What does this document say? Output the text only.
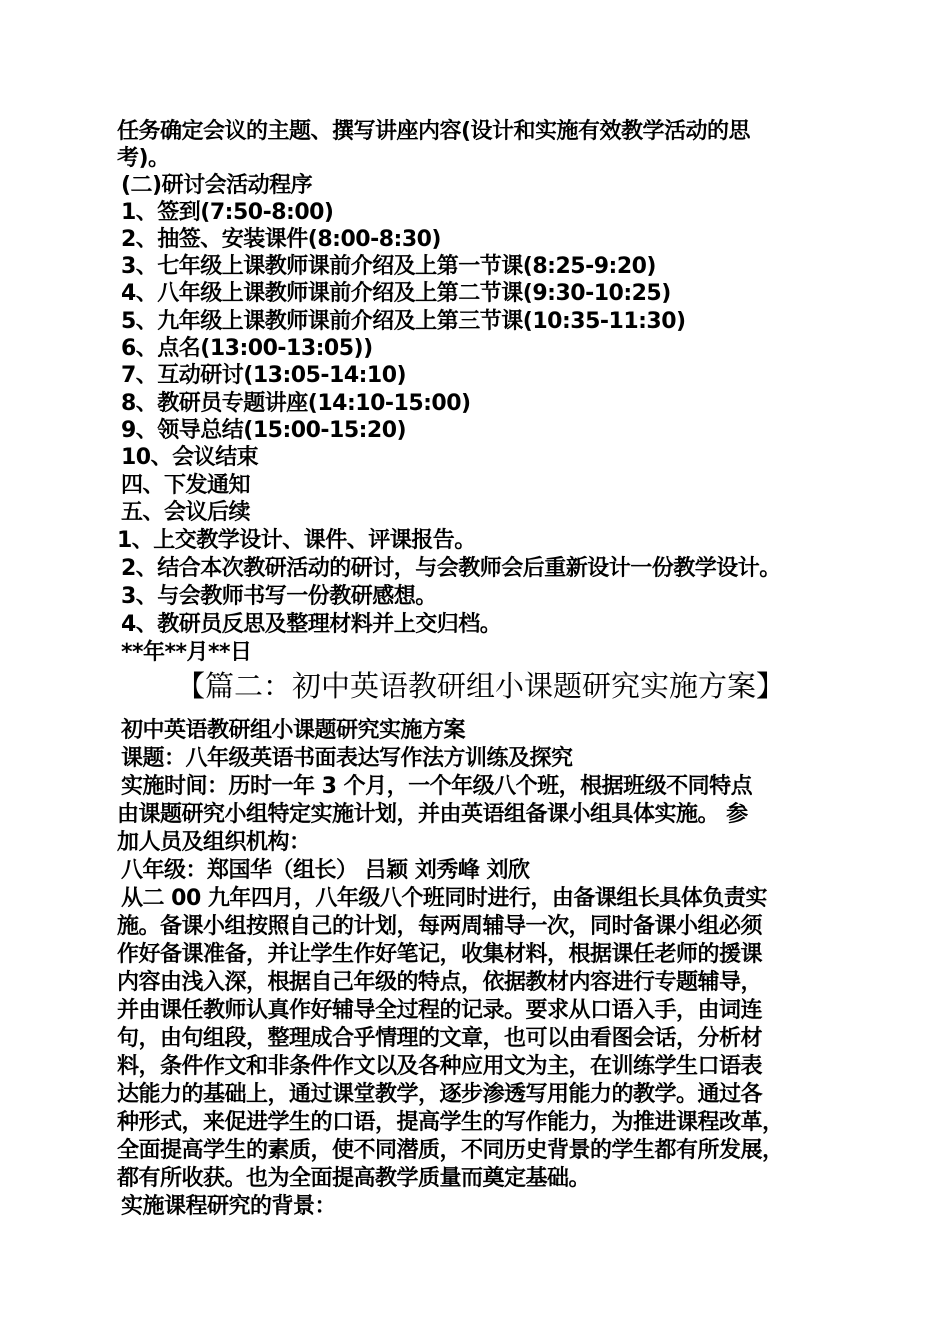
任务确定会议的主题、撰写讲座内容(设计和实施有效教学活动的思
考)。
(二)研讨会活动程序
1、签到(7:50-8:00)
2、抽签、安装课件(8:00-8:30)
3、七年级上课教师课前介绍及上第一节课(8:25-9:20)
4、八年级上课教师课前介绍及上第二节课(9:30-10:25)
5、九年级上课教师课前介绍及上第三节课(10:35-11:30)
6、点名(13:00-13:05))
7、互动研讨(13:05-14:10)
8、教研员专题讲座(14:10-15:00)
9、领导总结(15:00-15:20)
10、会议结束
四、下发通知
五、会议后续
1、上交教学设计、课件、评课报告。
2、结合本次教研活动的研讨，与会教师会后重新设计一份教学设计。
3、与会教师书写一份教研感想。
4、教研员反思及整理材料并上交归档。
**年**月**日
【篇二：初中英语教研组小课题研究实施方案】
初中英语教研组小课题研究实施方案
课题：八年级英语书面表达写作法方训练及探究
实施时间：历时一年 3 个月，一个年级八个班，根据班级不同特点
由课题研究小组特定实施计划，并由英语组备课小组具体实施。 参
加人员及组织机构：
八年级：郑国华（组长） 吕颖 刘秀峰 刘欣
从二 00 九年四月，八年级八个班同时进行，由备课组长具体负责实
施。备课小组按照自己的计划，每两周辅导一次，同时备课小组必须
作好备课准备，并让学生作好笔记，收集材料，根据课任老师的援课
内容由浅入深，根据自己年级的特点，依据教材内容进行专题辅导，
并由课任教师认真作好辅导全过程的记录。要求从口语入手，由词连
句，由句组段，整理成合乎情理的文章，也可以由看图会话，分析材
料，条件作文和非条件作文以及各种应用文为主，在训练学生口语表
达能力的基础上，通过课堂教学，逐步渗透写用能力的教学。通过各
种形式，来促进学生的口语，提高学生的写作能力，为推进课程改革，
全面提高学生的素质，使不同潜质，不同历史背景的学生都有所发展，
都有所收获。也为全面提高教学质量而奠定基础。
实施课程研究的背景：
